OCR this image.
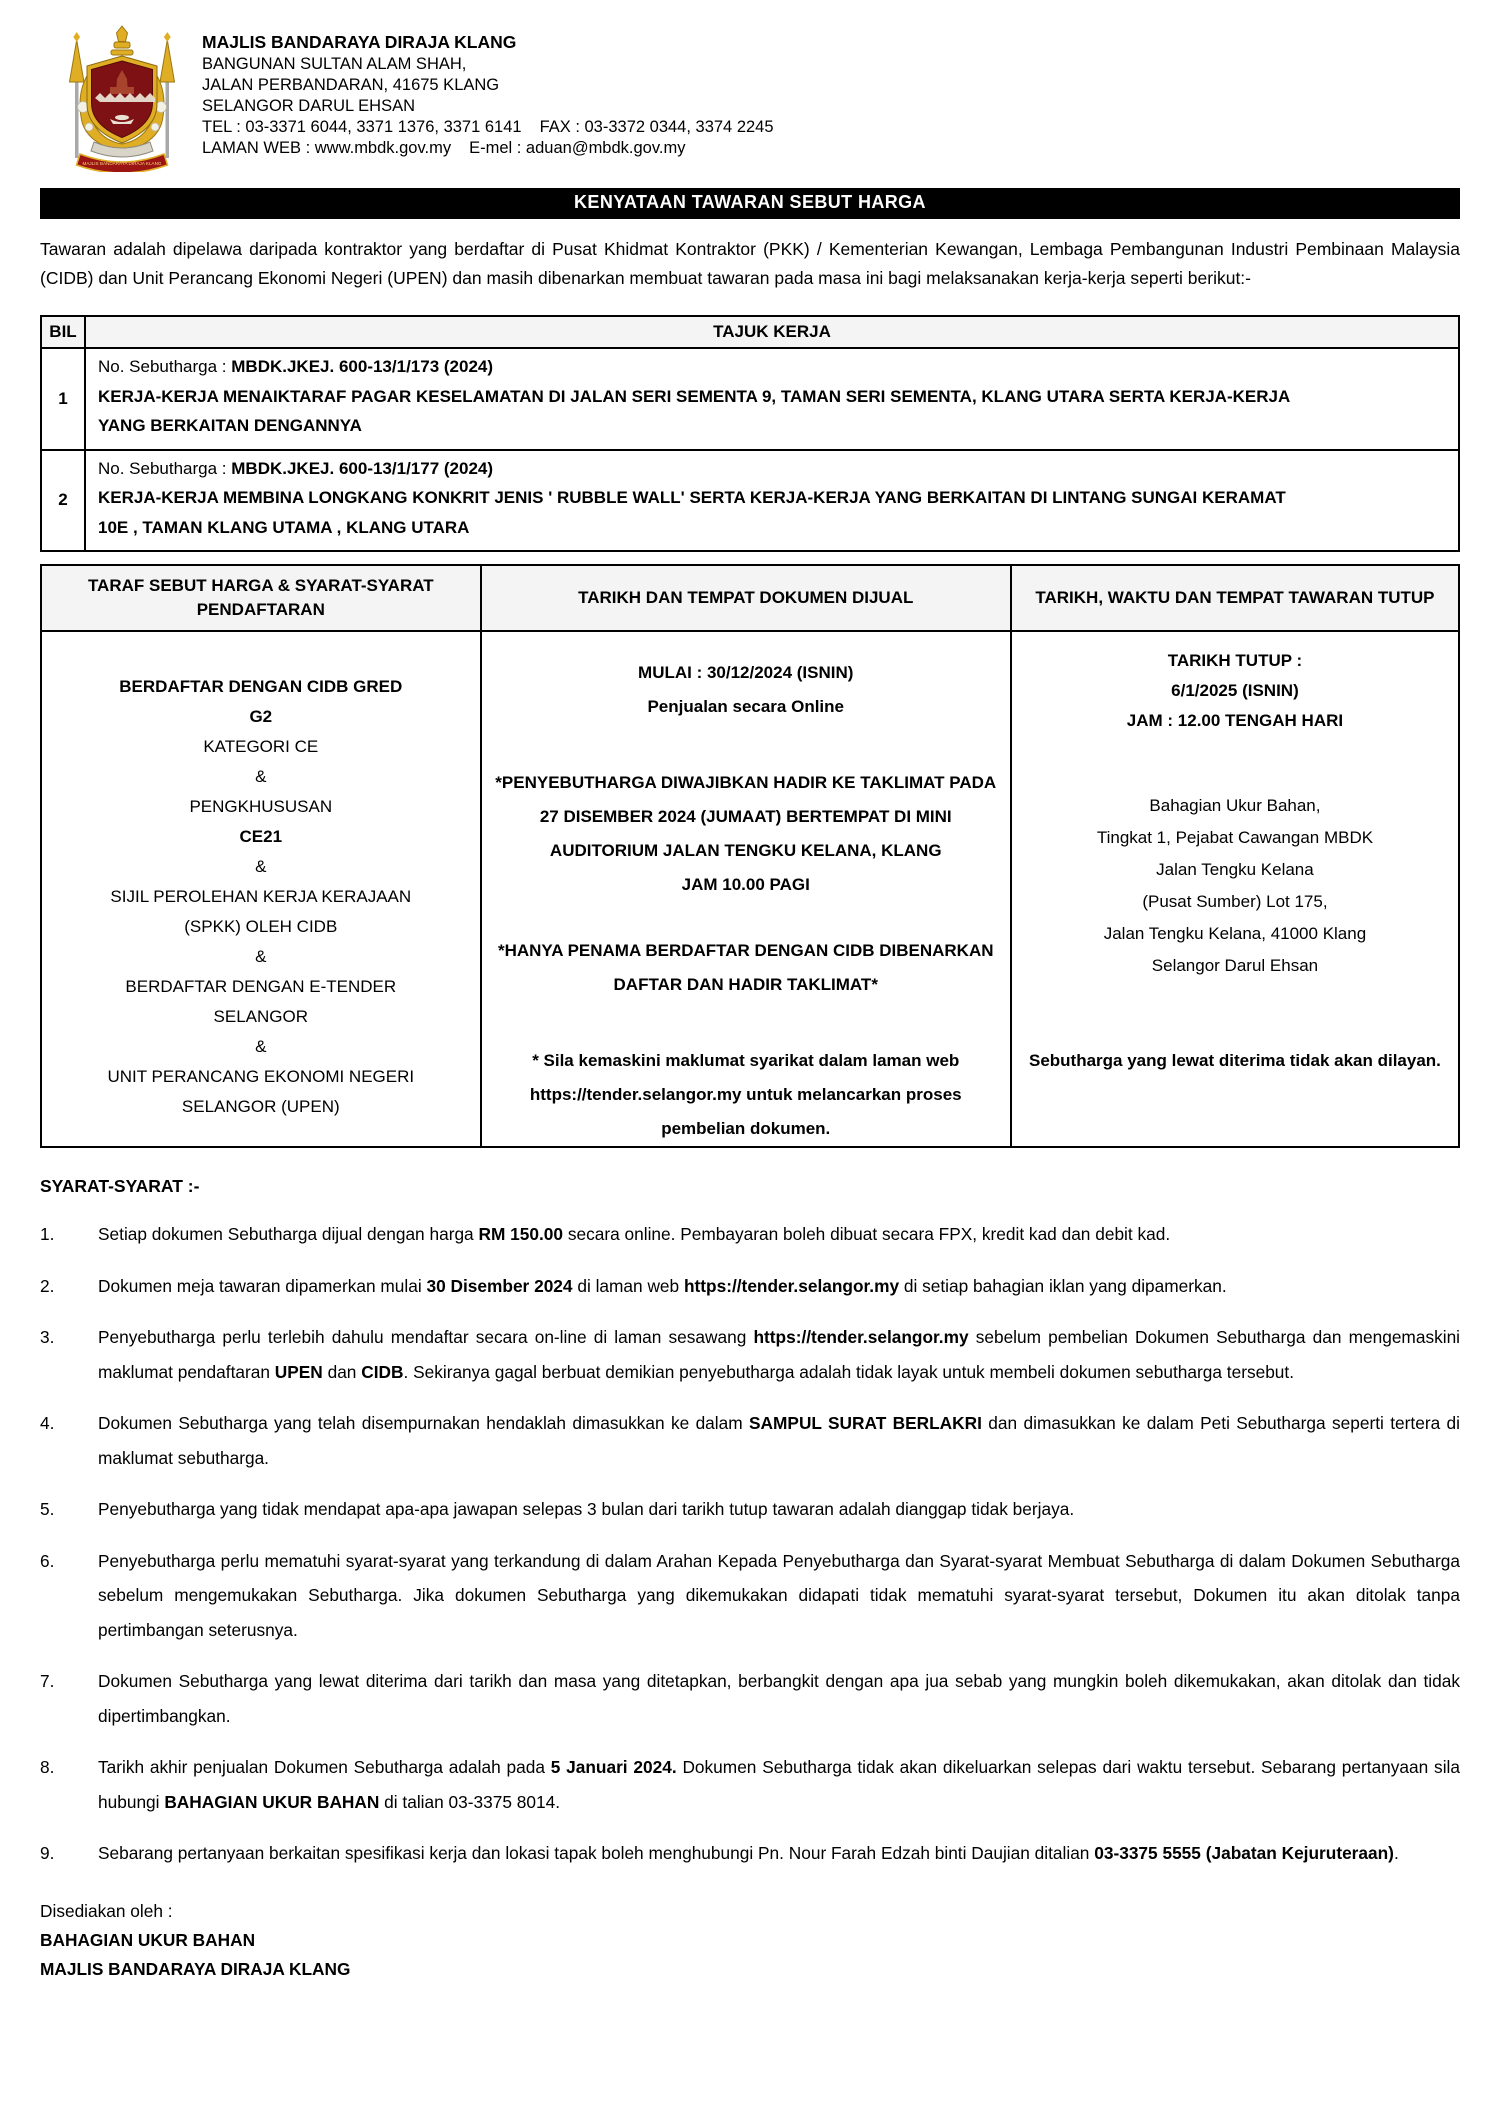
MAJLIS BANDARAYA DIRAJA KLANG
MAJLIS BANDARAYA DIRAJA KLANG
BANGUNAN SULTAN ALAM SHAH,
JALAN PERBANDARAN, 41675 KLANG
SELANGOR DARUL EHSAN
TEL : 03-3371 6044, 3371 1376, 3371 6141 FAX : 03-3372 0344, 3374 2245
LAMAN WEB : www.mbdk.gov.my E-mel : aduan@mbdk.gov.my
KENYATAAN TAWARAN SEBUT HARGA

Tawaran adalah dipelawa daripada kontraktor yang berdaftar di Pusat Khidmat Kontraktor (PKK) / Kementerian Kewangan, Lembaga Pembangunan Industri Pembinaan Malaysia (CIDB) dan Unit Perancang Ekonomi Negeri (UPEN) dan masih dibenarkan membuat tawaran pada masa ini bagi melaksanakan kerja-kerja seperti berikut:-

BIL	TAJUK KERJA
1	No. Sebutharga : MBDK.JKEJ. 600-13/1/173 (2024)
KERJA-KERJA MENAIKTARAF PAGAR KESELAMATAN DI JALAN SERI SEMENTA 9, TAMAN SERI SEMENTA, KLANG UTARA SERTA KERJA-KERJA YANG BERKAITAN DENGANNYA

2	No. Sebutharga : MBDK.JKEJ. 600-13/1/177 (2024)
KERJA-KERJA MEMBINA LONGKANG KONKRIT JENIS ' RUBBLE WALL' SERTA KERJA-KERJA YANG BERKAITAN DI LINTANG SUNGAI KERAMAT 10E , TAMAN KLANG UTAMA , KLANG UTARA
TARAF SEBUT HARGA & SYARAT-SYARAT PENDAFTARAN	TARIKH DAN TEMPAT DOKUMEN DIJUAL	TARIKH, WAKTU DAN TEMPAT TAWARAN TUTUP

BERDAFTAR DENGAN CIDB GRED
G2
KATEGORI CE
&
PENGKHUSUSAN
CE21
&
SIJIL PEROLEHAN KERJA KERAJAAN
(SPKK) OLEH CIDB
&
BERDAFTAR DENGAN E-TENDER
SELANGOR
&
UNIT PERANCANG EKONOMI NEGERI
SELANGOR (UPEN)

MULAI : 30/12/2024 (ISNIN)
Penjualan secara Online
*PENYEBUTHARGA DIWAJIBKAN HADIR KE TAKLIMAT PADA 27 DISEMBER 2024 (JUMAAT) BERTEMPAT DI MINI AUDITORIUM JALAN TENGKU KELANA, KLANG
JAM 10.00 PAGI
*HANYA PENAMA BERDAFTAR DENGAN CIDB DIBENARKAN DAFTAR DAN HADIR TAKLIMAT*
* Sila kemaskini maklumat syarikat dalam laman web https://tender.selangor.my untuk melancarkan proses pembelian dokumen.

TARIKH TUTUP :
6/1/2025 (ISNIN)
JAM : 12.00 TENGAH HARI
Bahagian Ukur Bahan,
Tingkat 1, Pejabat Cawangan MBDK
Jalan Tengku Kelana
(Pusat Sumber) Lot 175,
Jalan Tengku Kelana, 41000 Klang
Selangor Darul Ehsan
Sebutharga yang lewat diterima tidak akan dilayan.
SYARAT-SYARAT :-
1.	Setiap dokumen Sebutharga dijual dengan harga RM 150.00 secara online. Pembayaran boleh dibuat secara FPX, kredit kad dan debit kad.
2.	Dokumen meja tawaran dipamerkan mulai 30 Disember 2024 di laman web https://tender.selangor.my di setiap bahagian iklan yang dipamerkan.
3.	Penyebutharga perlu terlebih dahulu mendaftar secara on-line di laman sesawang https://tender.selangor.my sebelum pembelian Dokumen Sebutharga dan mengemaskini maklumat pendaftaran UPEN dan CIDB. Sekiranya gagal berbuat demikian penyebutharga adalah tidak layak untuk membeli dokumen sebutharga tersebut.
4.	Dokumen Sebutharga yang telah disempurnakan hendaklah dimasukkan ke dalam SAMPUL SURAT BERLAKRI dan dimasukkan ke dalam Peti Sebutharga seperti tertera di maklumat sebutharga.
5.	Penyebutharga yang tidak mendapat apa-apa jawapan selepas 3 bulan dari tarikh tutup tawaran adalah dianggap tidak berjaya.
6.	Penyebutharga perlu mematuhi syarat-syarat yang terkandung di dalam Arahan Kepada Penyebutharga dan Syarat-syarat Membuat Sebutharga di dalam Dokumen Sebutharga sebelum mengemukakan Sebutharga. Jika dokumen Sebutharga yang dikemukakan didapati tidak mematuhi syarat-syarat tersebut, Dokumen itu akan ditolak tanpa pertimbangan seterusnya.
7.	Dokumen Sebutharga yang lewat diterima dari tarikh dan masa yang ditetapkan, berbangkit dengan apa jua sebab yang mungkin boleh dikemukakan, akan ditolak dan tidak dipertimbangkan.
8.	Tarikh akhir penjualan Dokumen Sebutharga adalah pada 5 Januari 2024. Dokumen Sebutharga tidak akan dikeluarkan selepas dari waktu tersebut. Sebarang pertanyaan sila hubungi BAHAGIAN UKUR BAHAN di talian 03-3375 8014.
9.	Sebarang pertanyaan berkaitan spesifikasi kerja dan lokasi tapak boleh menghubungi Pn. Nour Farah Edzah binti Daujian ditalian 03-3375 5555 (Jabatan Kejuruteraan).
Disediakan oleh :
BAHAGIAN UKUR BAHAN
MAJLIS BANDARAYA DIRAJA KLANG
